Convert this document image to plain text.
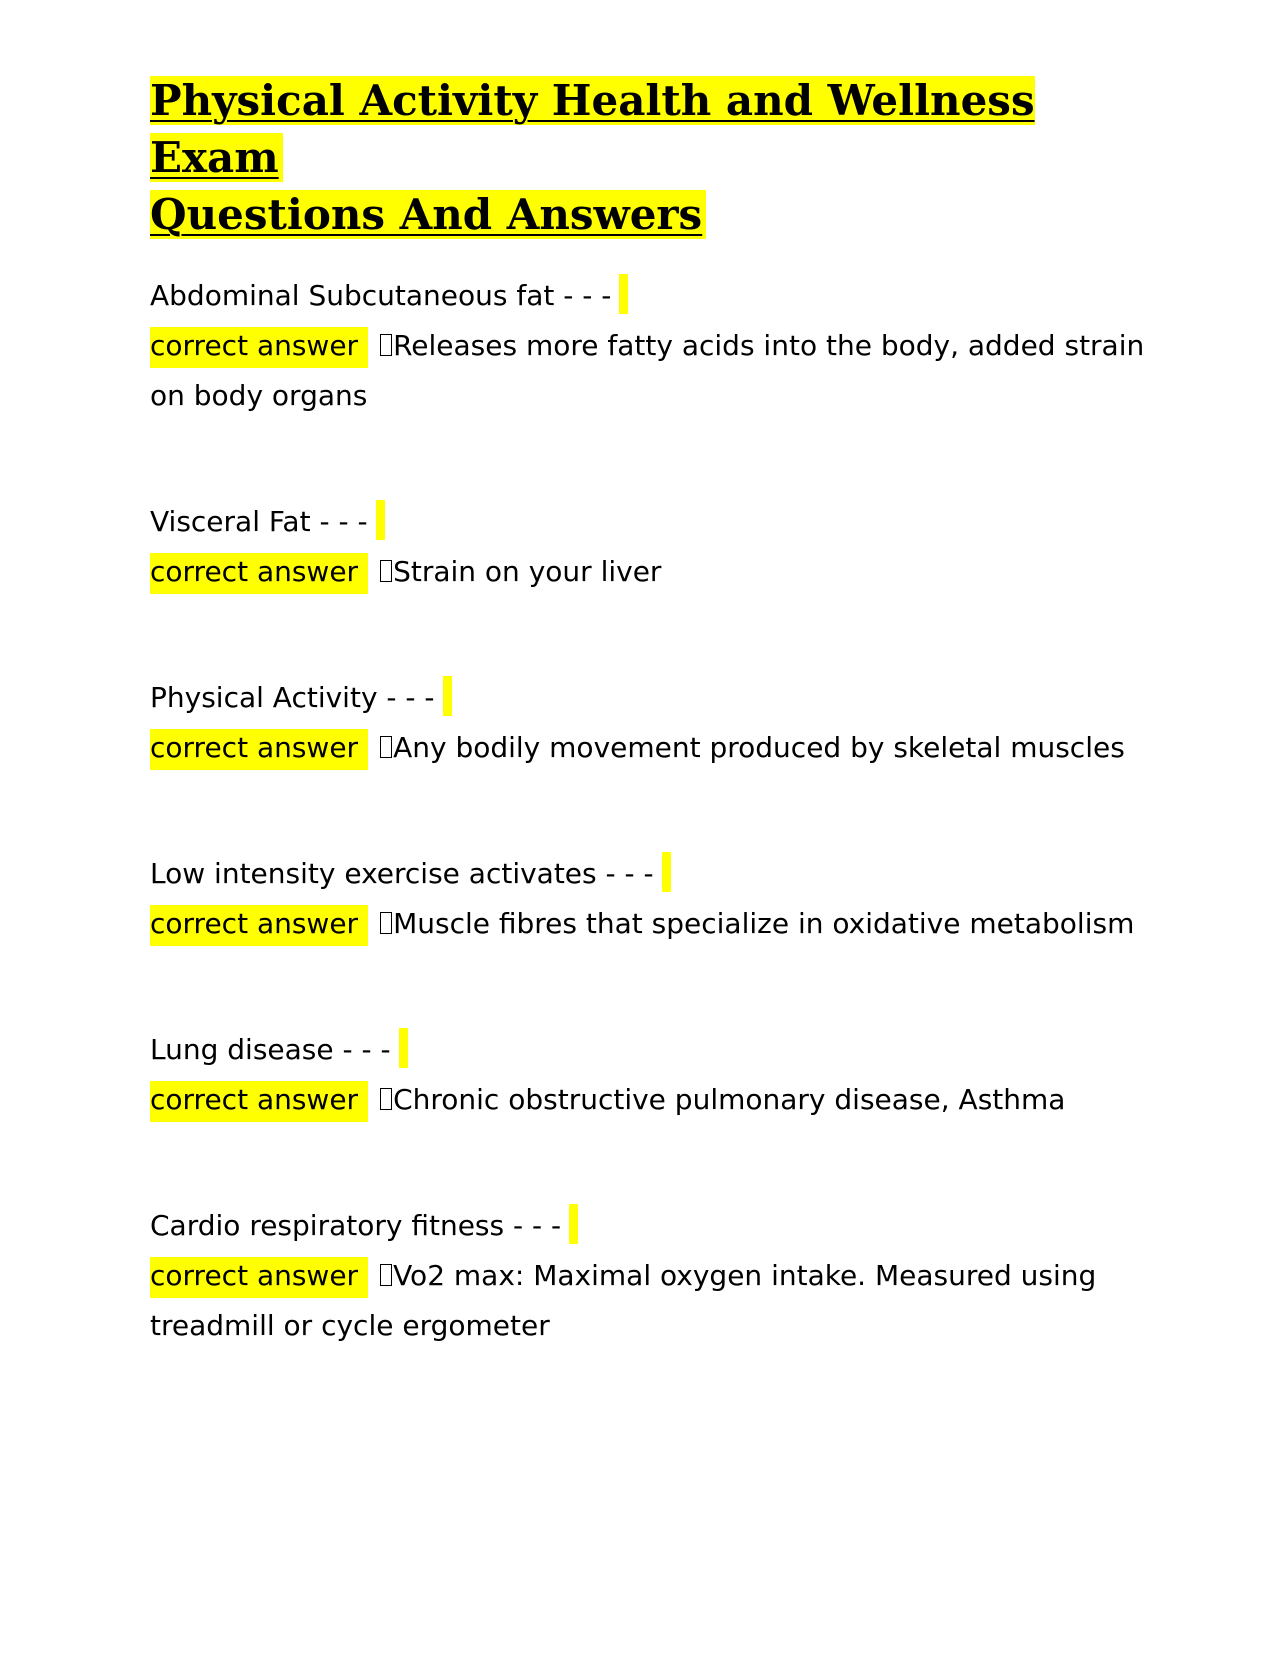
Physical Activity Health and Wellness Exam
Questions And Answers
Abdominal Subcutaneous fat - - -
correct answer Releases more fatty acids into the body, added strain on body organs
Visceral Fat - - -
correct answer Strain on your liver
Physical Activity - - -
correct answer Any bodily movement produced by skeletal muscles
Low intensity exercise activates - - -
correct answer Muscle fibres that specialize in oxidative metabolism
Lung disease - - -
correct answer Chronic obstructive pulmonary disease, Asthma
Cardio respiratory fitness - - -
correct answer Vo2 max: Maximal oxygen intake. Measured using treadmill or cycle ergometer
